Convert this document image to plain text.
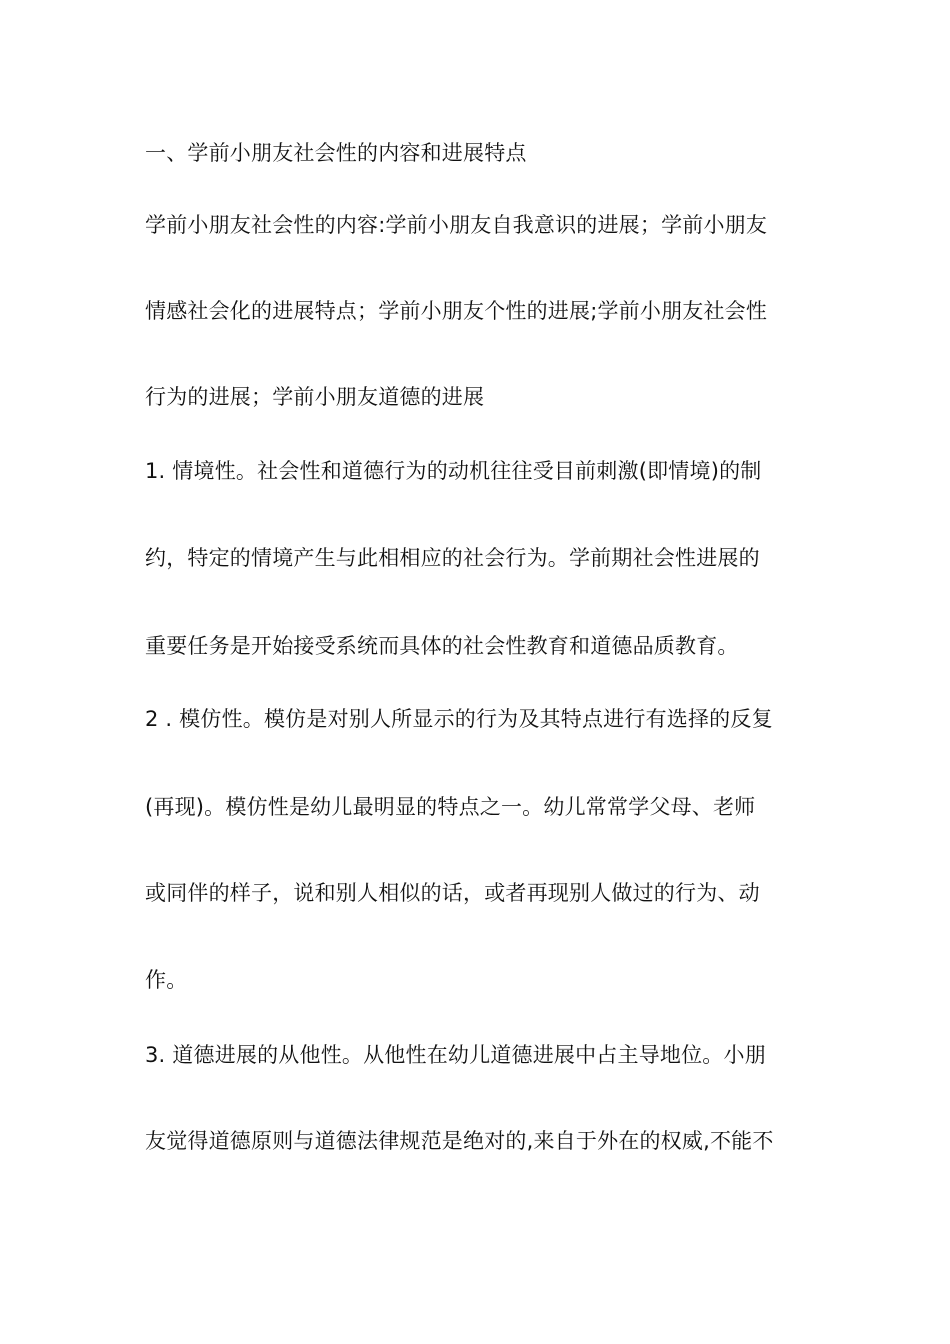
一、学前小朋友社会性的内容和进展特点
学前小朋友社会性的内容:学前小朋友自我意识的进展；学前小朋友
情感社会化的进展特点；学前小朋友个性的进展;学前小朋友社会性
行为的进展；学前小朋友道德的进展
1. 情境性。社会性和道德行为的动机往往受目前刺激(即情境)的制
约，特定的情境产生与此相相应的社会行为。学前期社会性进展的
重要任务是开始接受系统而具体的社会性教育和道德品质教育。
2 . 模仿性。模仿是对别人所显示的行为及其特点进行有选择的反复
(再现)。模仿性是幼儿最明显的特点之一。幼儿常常学父母、老师
或同伴的样子，说和别人相似的话，或者再现别人做过的行为、动
作。
3. 道德进展的从他性。从他性在幼儿道德进展中占主导地位。小朋
友觉得道德原则与道德法律规范是绝对的,来自于外在的权威,不能不
